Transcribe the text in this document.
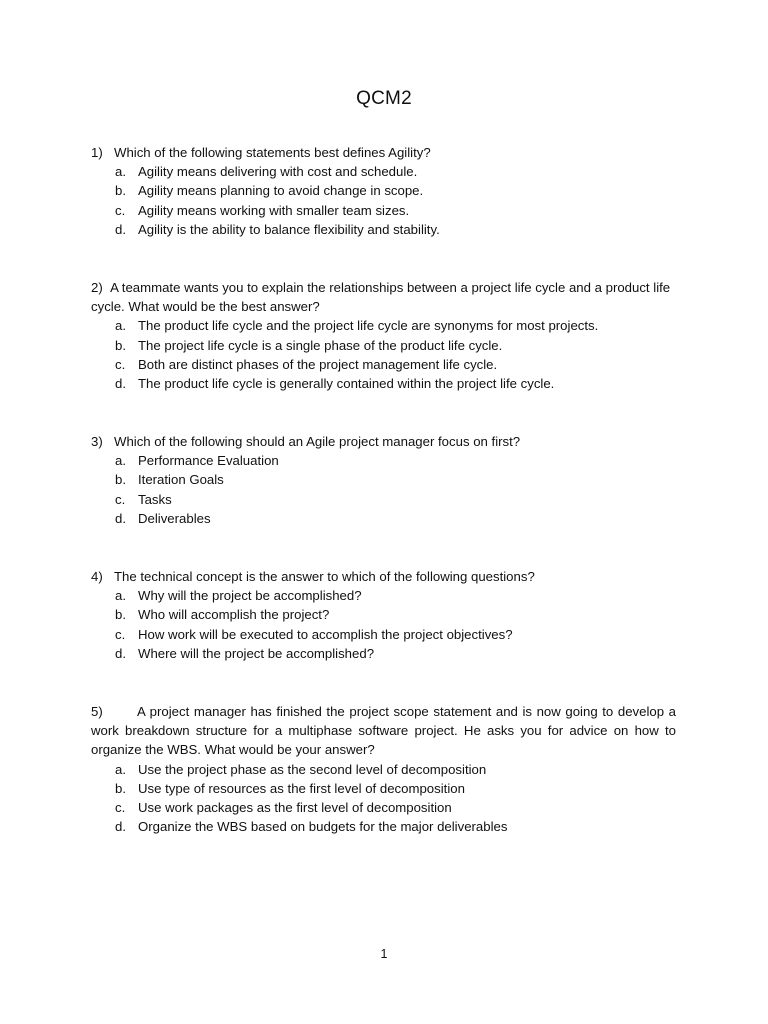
QCM2
1) Which of the following statements best defines Agility?
a. Agility means delivering with cost and schedule.
b. Agility means planning to avoid change in scope.
c. Agility means working with smaller team sizes.
d. Agility is the ability to balance flexibility and stability.
2) A teammate wants you to explain the relationships between a project life cycle and a product life cycle. What would be the best answer?
a. The product life cycle and the project life cycle are synonyms for most projects.
b. The project life cycle is a single phase of the product life cycle.
c. Both are distinct phases of the project management life cycle.
d. The product life cycle is generally contained within the project life cycle.
3) Which of the following should an Agile project manager focus on first?
a. Performance Evaluation
b. Iteration Goals
c. Tasks
d. Deliverables
4) The technical concept is the answer to which of the following questions?
a. Why will the project be accomplished?
b. Who will accomplish the project?
c. How work will be executed to accomplish the project objectives?
d. Where will the project be accomplished?
5)	A project manager has finished the project scope statement and is now going to develop a work breakdown structure for a multiphase software project. He asks you for advice on how to organize the WBS. What would be your answer?
a. Use the project phase as the second level of decomposition
b. Use type of resources as the first level of decomposition
c. Use work packages as the first level of decomposition
d. Organize the WBS based on budgets for the major deliverables
1
